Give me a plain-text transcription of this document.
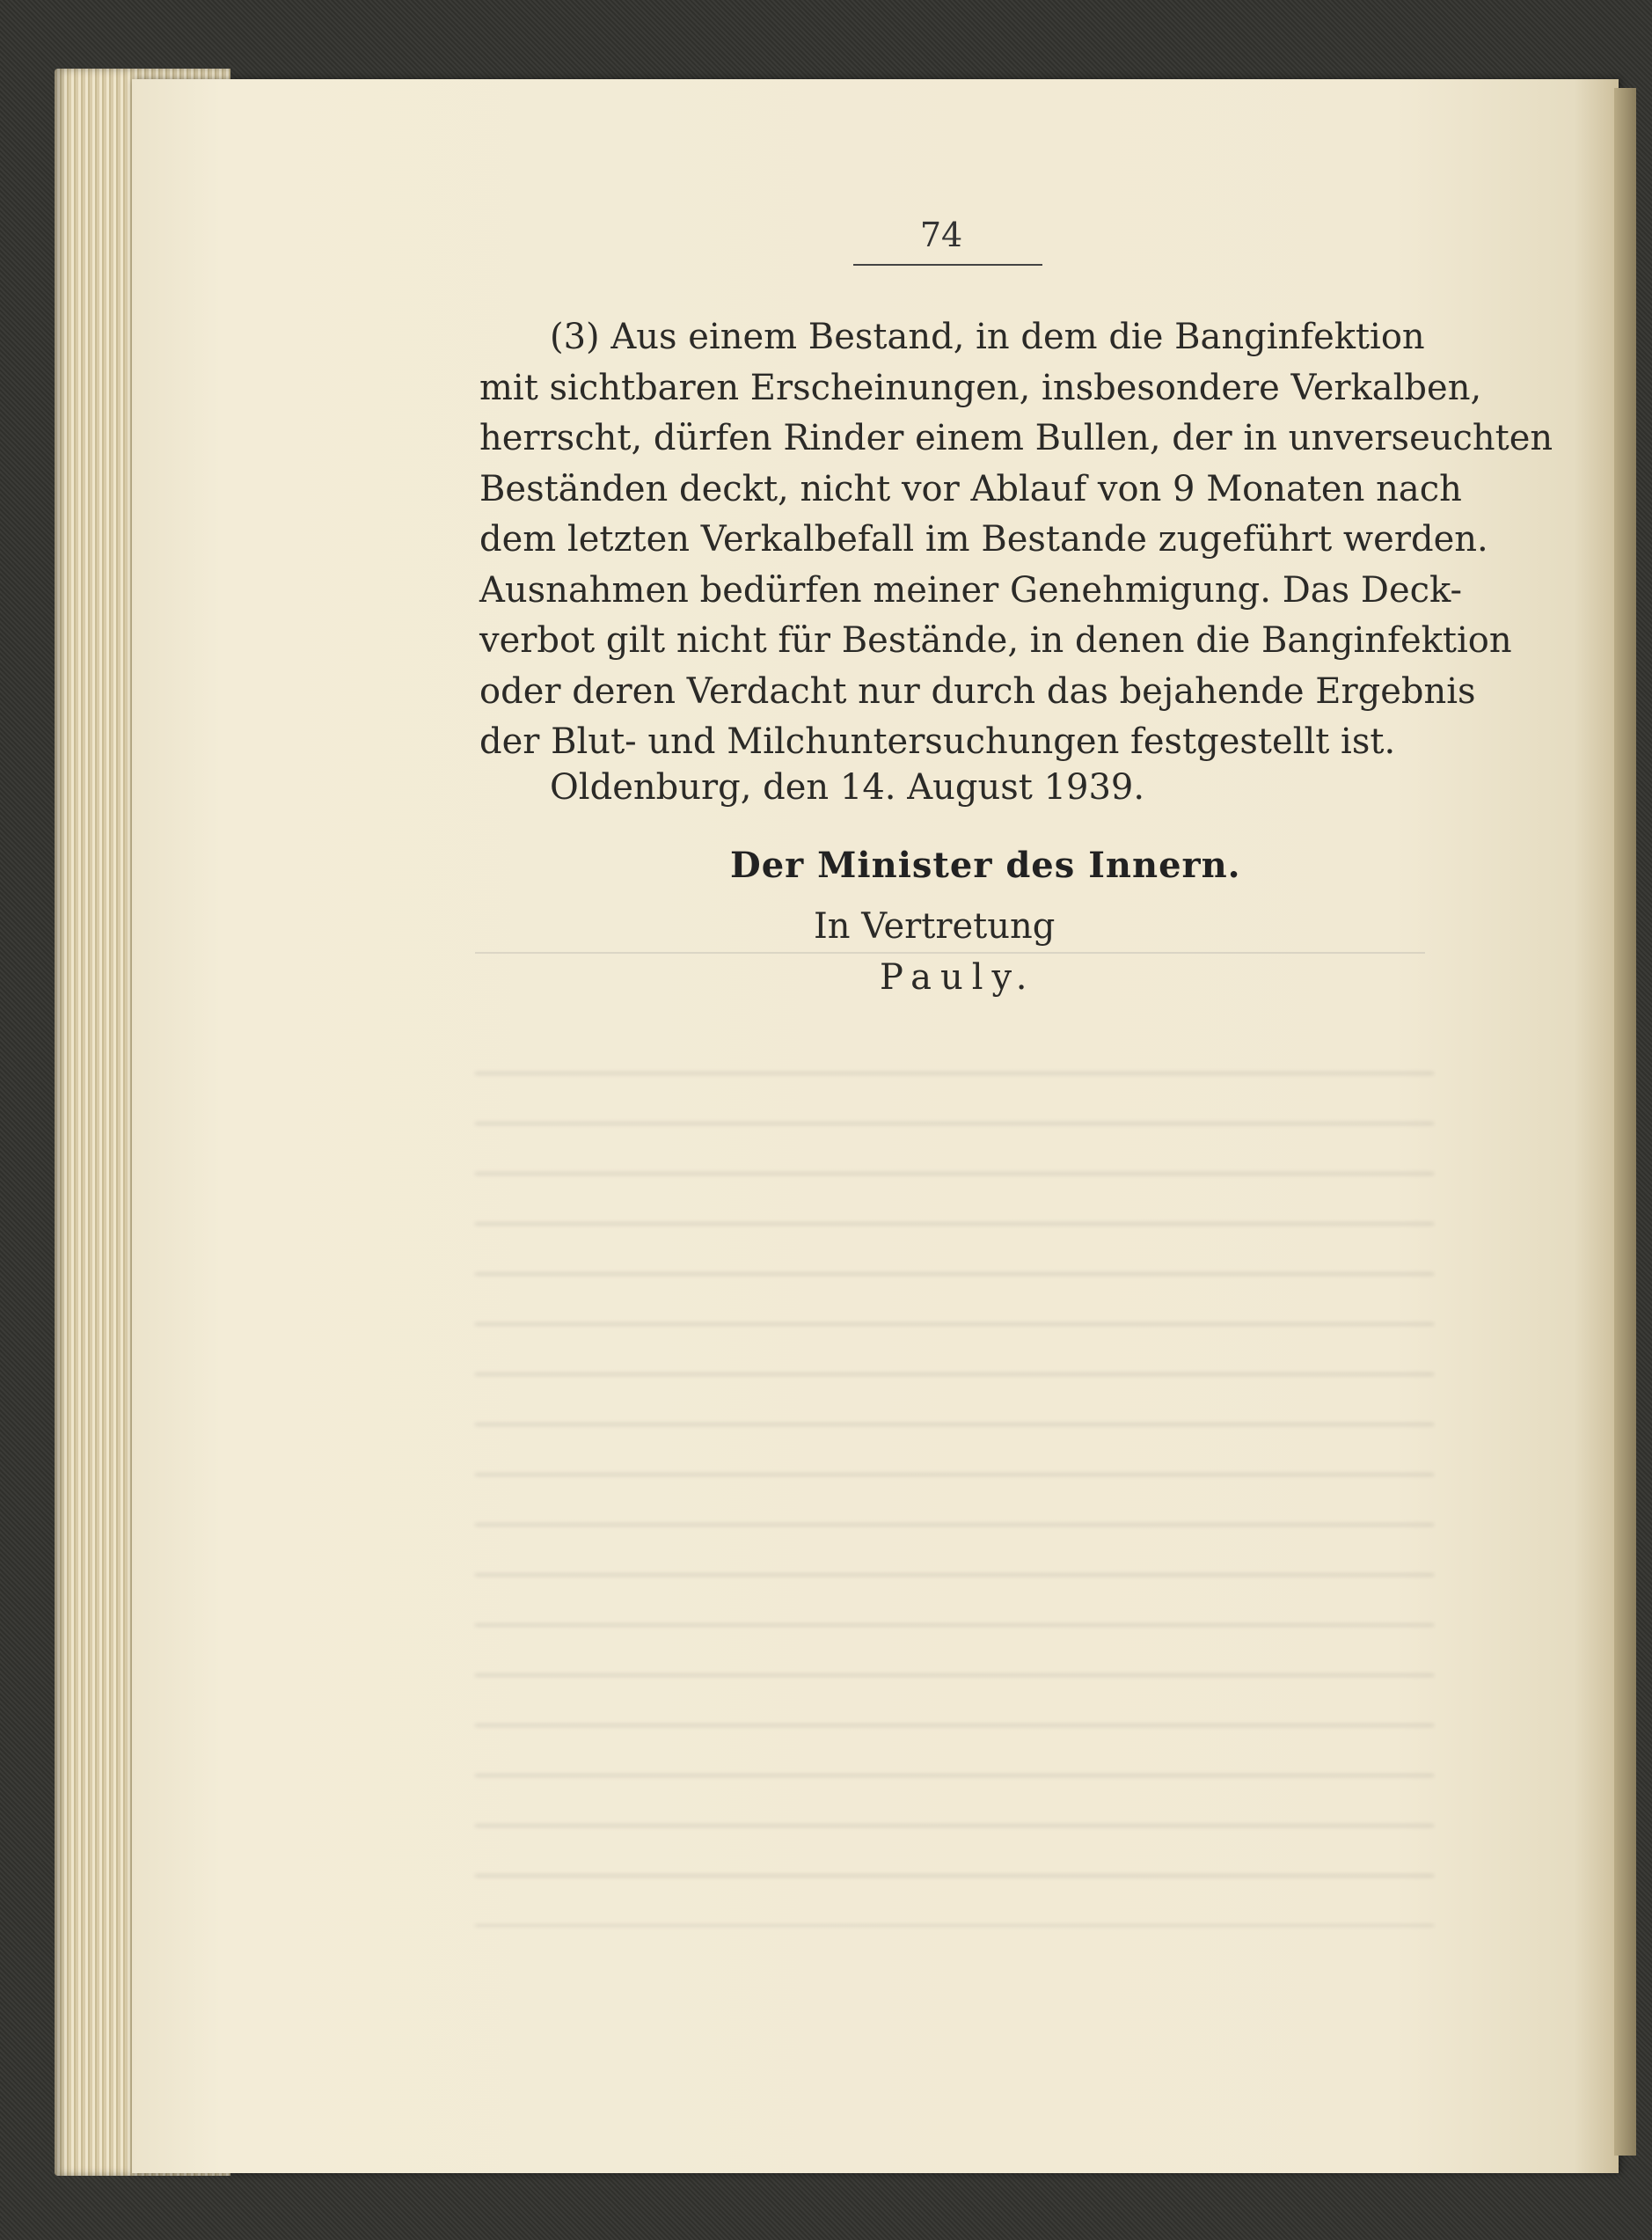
74
(3) Aus einem Bestand, in dem die Banginfektion
mit sichtbaren Erscheinungen, insbesondere Verkalben,
herrscht, dürfen Rinder einem Bullen, der in unverseuchten
Beständen deckt, nicht vor Ablauf von 9 Monaten nach
dem letzten Verkalbefall im Bestande zugeführt werden.
Ausnahmen bedürfen meiner Genehmigung. Das Deck-
verbot gilt nicht für Bestände, in denen die Banginfektion
oder deren Verdacht nur durch das bejahende Ergebnis
der Blut- und Milchuntersuchungen festgestellt ist.
Oldenburg, den 14. August 1939.
Der Minister des Innern.
In Vertretung
Pauly.
